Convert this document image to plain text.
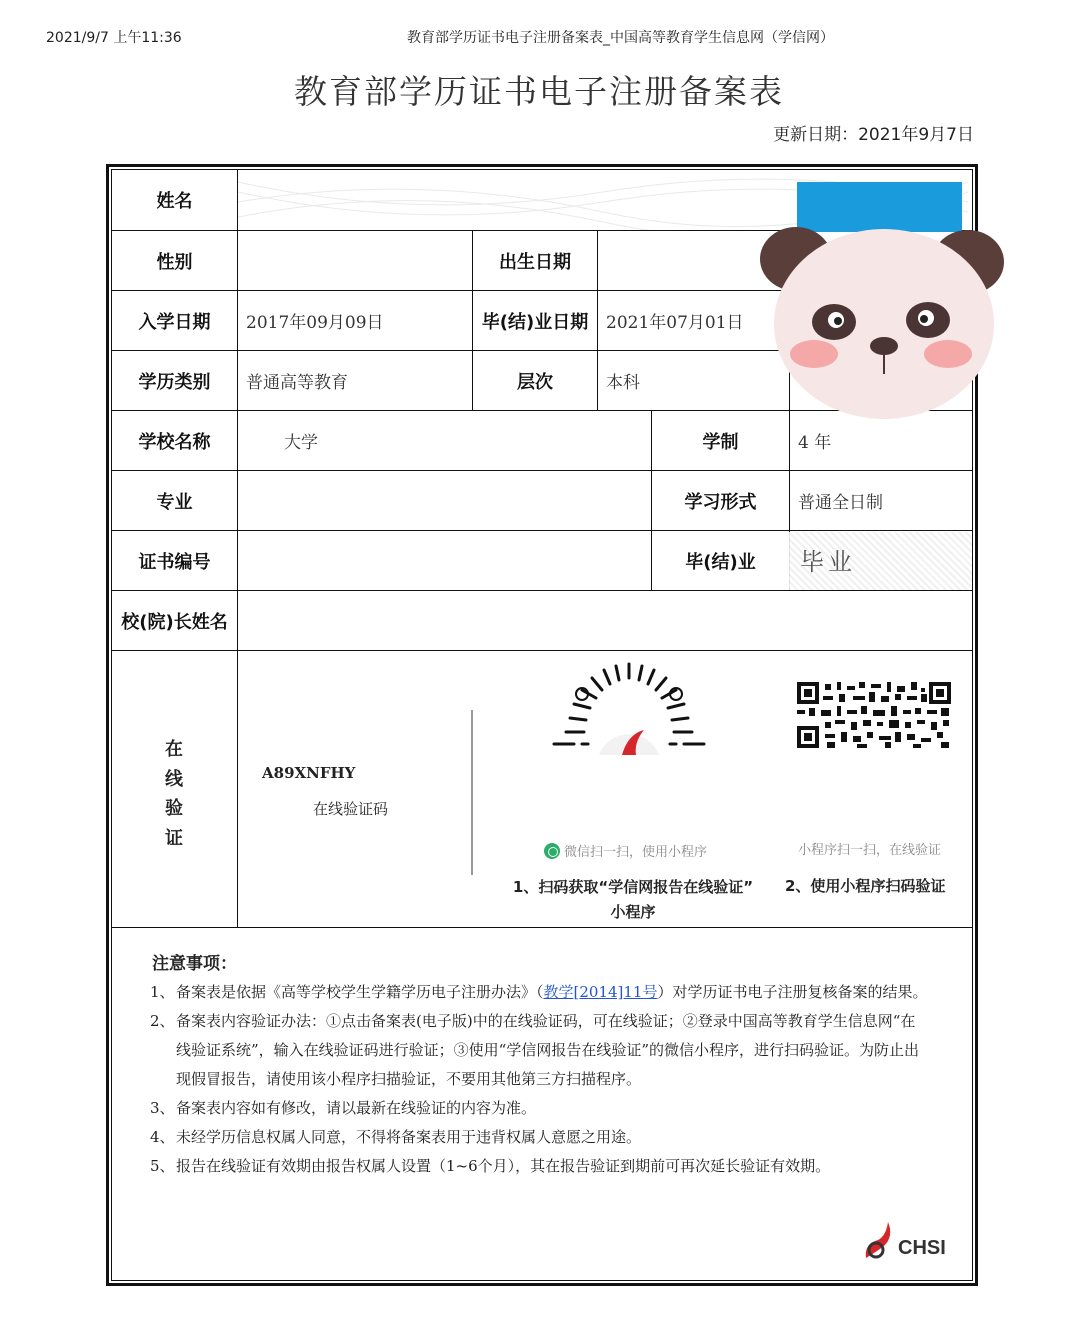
2021/9/7 上午11:36	教育部学历证书电子注册备案表_中国高等教育学生信息网（学信网）
教育部学历证书电子注册备案表
更新日期：2021年9月7日
姓名
性别	出生日期
入学日期	2017年09月09日	毕(结)业日期	2021年07月01日
学历类别	普通高等教育	层次	本科
学校名称	大学	学制	4 年
专业	学习形式	普通全日制
证书编号	毕(结)业	毕业
校(院)长姓名
在
线
验
证
A89XNFHY
在线验证码
微信扫一扫，使用小程序	小程序扫一扫，在线验证
1、扫码获取“学信网报告在线验证”
小程序
2、使用小程序扫码验证
注意事项：
1、 备案表是依据《高等学校学生学籍学历电子注册办法》（教学[2014]11号）对学历证书电子注册复核备案的结果。
2、 备案表内容验证办法：①点击备案表(电子版)中的在线验证码，可在线验证；②登录中国高等教育学生信息网“在线验证系统”，输入在线验证码进行验证；③使用“学信网报告在线验证”的微信小程序，进行扫码验证。为防止出现假冒报告，请使用该小程序扫描验证，不要用其他第三方扫描程序。
3、 备案表内容如有修改，请以最新在线验证的内容为准。
4、 未经学历信息权属人同意，不得将备案表用于违背权属人意愿之用途。
5、 报告在线验证有效期由报告权属人设置（1~6个月），其在报告验证到期前可再次延长验证有效期。
CHSI
